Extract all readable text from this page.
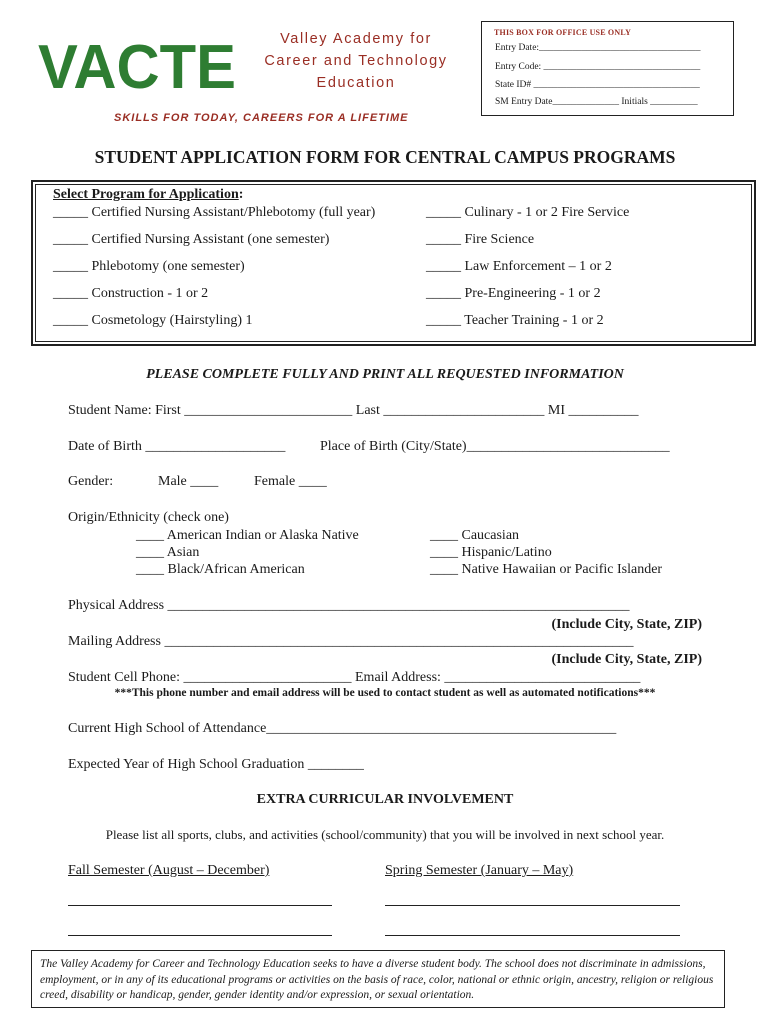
VACTE	Valley Academy for
Career and Technology
Education
SKILLS FOR TODAY, CAREERS FOR A LIFETIME
THIS BOX FOR OFFICE USE ONLY
Entry Date:__________________________________
Entry Code: _________________________________
State ID# ___________________________________
SM Entry Date______________ Initials __________
STUDENT APPLICATION FORM FOR CENTRAL CAMPUS PROGRAMS
Select Program for Application:
_____ Certified Nursing Assistant/Phlebotomy (full year)
_____ Certified Nursing Assistant (one semester)
_____ Phlebotomy (one semester)
_____ Construction - 1 or 2
_____ Cosmetology (Hairstyling) 1
_____ Culinary - 1 or 2 Fire Service
_____ Fire Science
_____ Law Enforcement – 1 or 2
_____ Pre-Engineering - 1 or 2
_____ Teacher Training - 1 or 2
PLEASE COMPLETE FULLY AND PRINT ALL REQUESTED INFORMATION
Student Name: First ________________________ Last _______________________ MI __________
Date of Birth ____________________ Place of Birth (City/State)_____________________________
Gender:	Male ____	Female ____
Origin/Ethnicity (check one)
____ American Indian or Alaska Native
____ Asian
____ Black/African American
____ Caucasian
____ Hispanic/Latino
____ Native Hawaiian or Pacific Islander
Physical Address __________________________________________________________________
(Include City, State, ZIP)
Mailing Address ___________________________________________________________________
(Include City, State, ZIP)
Student Cell Phone: ________________________ Email Address: ____________________________
***This phone number and email address will be used to contact student as well as automated notifications***
Current High School of Attendance__________________________________________________
Expected Year of High School Graduation ________
EXTRA CURRICULAR INVOLVEMENT
Please list all sports, clubs, and activities (school/community) that you will be involved in next school year.
Fall Semester (August – December)	Spring Semester (January – May)
The Valley Academy for Career and Technology Education seeks to have a diverse student body. The school does not discriminate in admissions, employment, or in any of its educational programs or activities on the basis of race, color, national or ethnic origin, ancestry, religion or religious creed, disability or handicap, gender, gender identity and/or expression, or sexual orientation.
